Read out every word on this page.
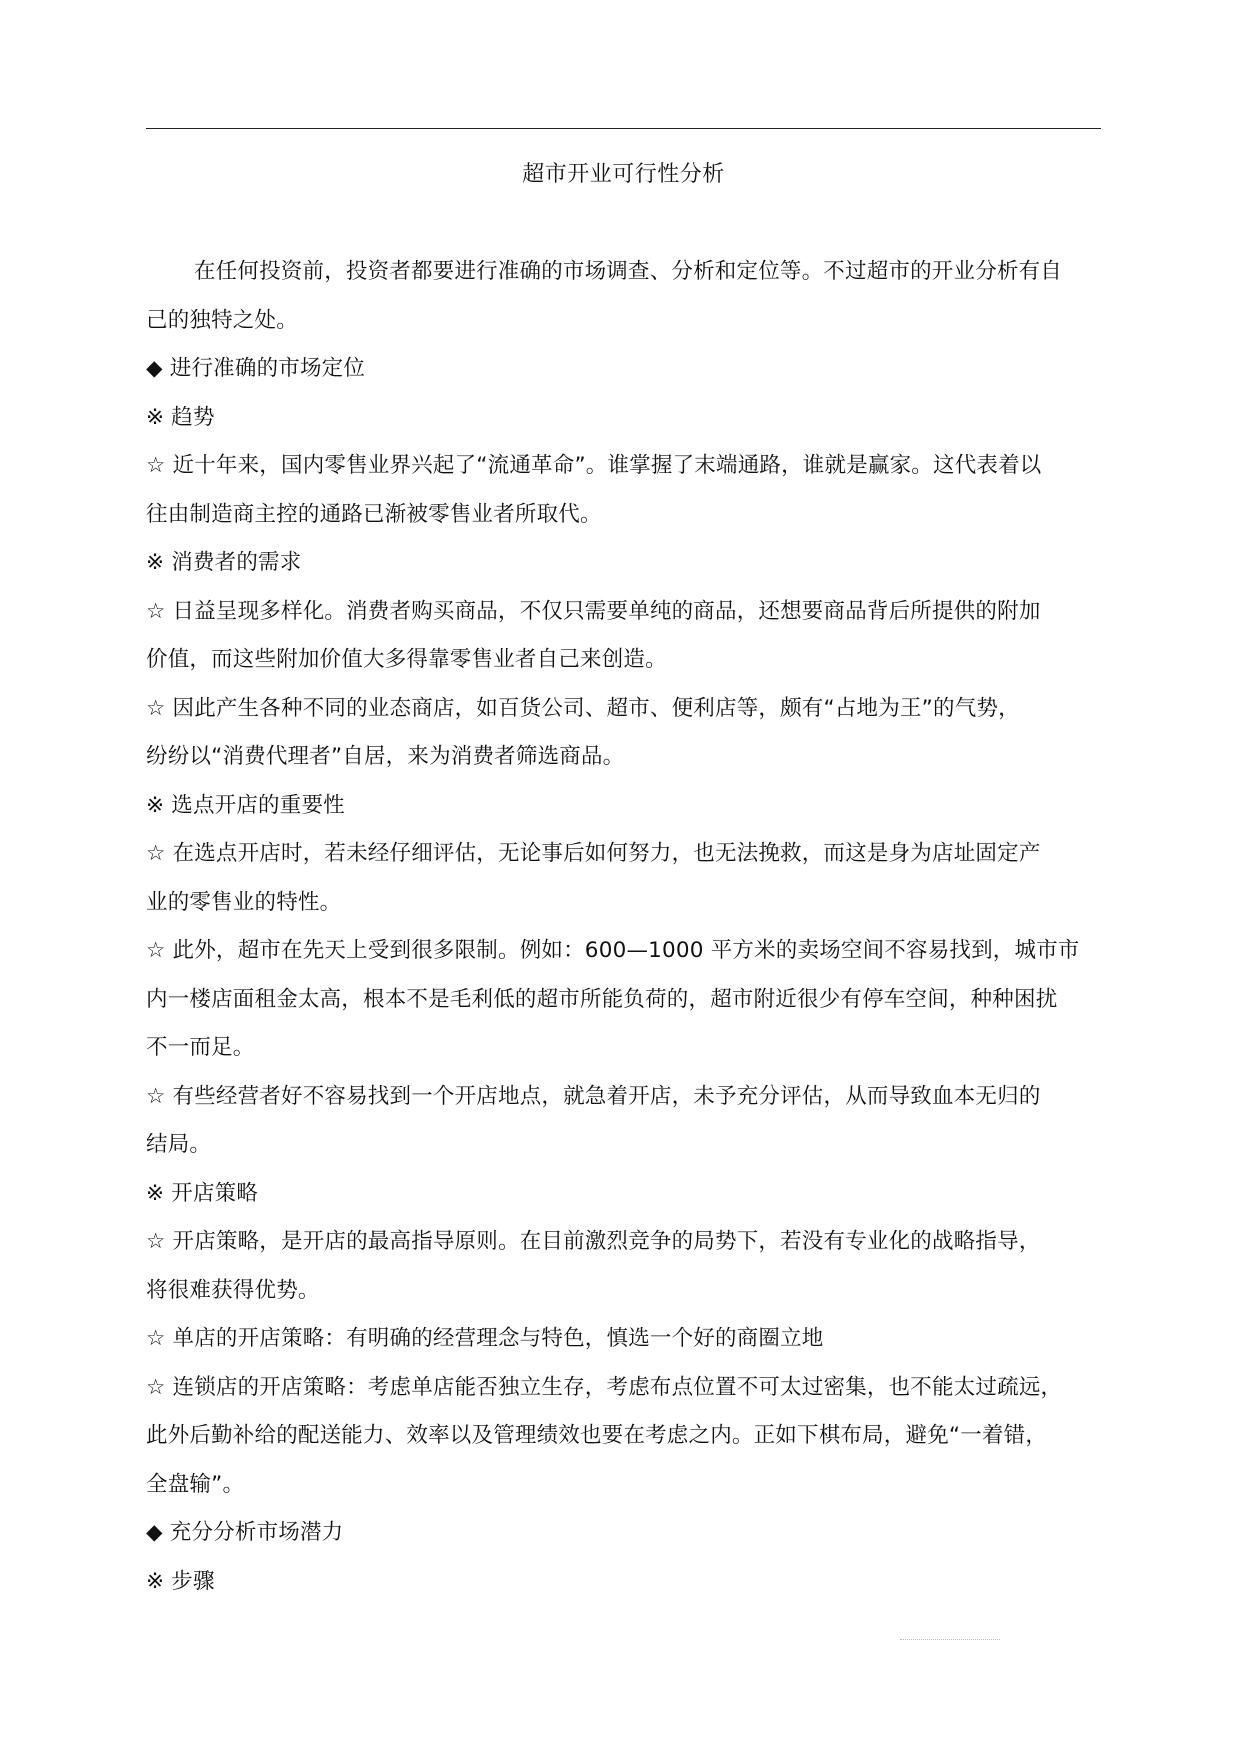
超市开业可行性分析
在任何投资前，投资者都要进行准确的市场调查、分析和定位等。不过超市的开业分析有自
己的独特之处。
◆ 进行准确的市场定位
※ 趋势
☆ 近十年来，国内零售业界兴起了“流通革命”。谁掌握了末端通路，谁就是赢家。这代表着以
往由制造商主控的通路已渐被零售业者所取代。
※ 消费者的需求
☆ 日益呈现多样化。消费者购买商品，不仅只需要单纯的商品，还想要商品背后所提供的附加
价值，而这些附加价值大多得靠零售业者自己来创造。
☆ 因此产生各种不同的业态商店，如百货公司、超市、便利店等，颇有“占地为王”的气势，
纷纷以“消费代理者”自居，来为消费者筛选商品。
※ 选点开店的重要性
☆ 在选点开店时，若未经仔细评估，无论事后如何努力，也无法挽救，而这是身为店址固定产
业的零售业的特性。
☆ 此外，超市在先天上受到很多限制。例如：600—1000 平方米的卖场空间不容易找到，城市市
内一楼店面租金太高，根本不是毛利低的超市所能负荷的，超市附近很少有停车空间，种种困扰
不一而足。
☆ 有些经营者好不容易找到一个开店地点，就急着开店，未予充分评估，从而导致血本无归的
结局。
※ 开店策略
☆ 开店策略，是开店的最高指导原则。在目前激烈竞争的局势下，若没有专业化的战略指导，
将很难获得优势。
☆ 单店的开店策略：有明确的经营理念与特色，慎选一个好的商圈立地
☆ 连锁店的开店策略：考虑单店能否独立生存，考虑布点位置不可太过密集，也不能太过疏远，
此外后勤补给的配送能力、效率以及管理绩效也要在考虑之内。正如下棋布局，避免“一着错，
全盘输”。
◆ 充分分析市场潜力
※ 步骤
